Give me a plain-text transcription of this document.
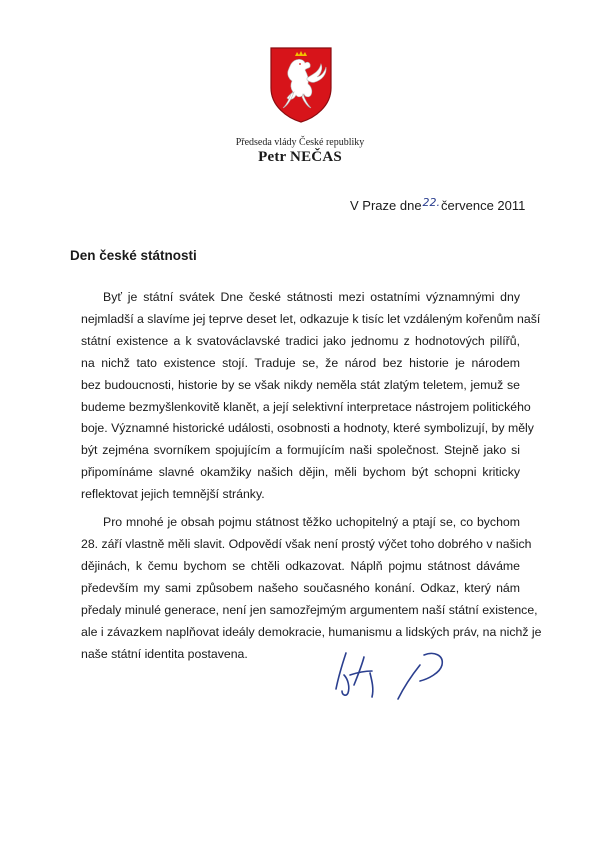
Předseda vlády České republiky
Petr NEČAS
V Praze dne$^{22.}$července 2011
Den české státnosti
Byť je státní svátek Dne české státnosti mezi ostatními významnými dny
nejmladší a slavíme jej teprve deset let, odkazuje k tisíc let vzdáleným kořenům naší
státní existence a k svatováclavské tradici jako jednomu z hodnotových pilířů,
na nichž tato existence stojí. Traduje se, že národ bez historie je národem
bez budoucnosti, historie by se však nikdy neměla stát zlatým teletem, jemuž se
budeme bezmyšlenkovitě klanět, a její selektivní interpretace nástrojem politického
boje. Významné historické události, osobnosti a hodnoty, které symbolizují, by měly
být zejména svorníkem spojujícím a formujícím naši společnost. Stejně jako si
připomínáme slavné okamžiky našich dějin, měli bychom být schopni kriticky
reflektovat jejich temnější stránky.
Pro mnohé je obsah pojmu státnost těžko uchopitelný a ptají se, co bychom
28. září vlastně měli slavit. Odpovědí však není prostý výčet toho dobrého v našich
dějinách, k čemu bychom se chtěli odkazovat. Náplň pojmu státnost dáváme
především my sami způsobem našeho současného konání. Odkaz, který nám
předaly minulé generace, není jen samozřejmým argumentem naší státní existence,
ale i závazkem naplňovat ideály demokracie, humanismu a lidských práv, na nichž je
naše státní identita postavena.
